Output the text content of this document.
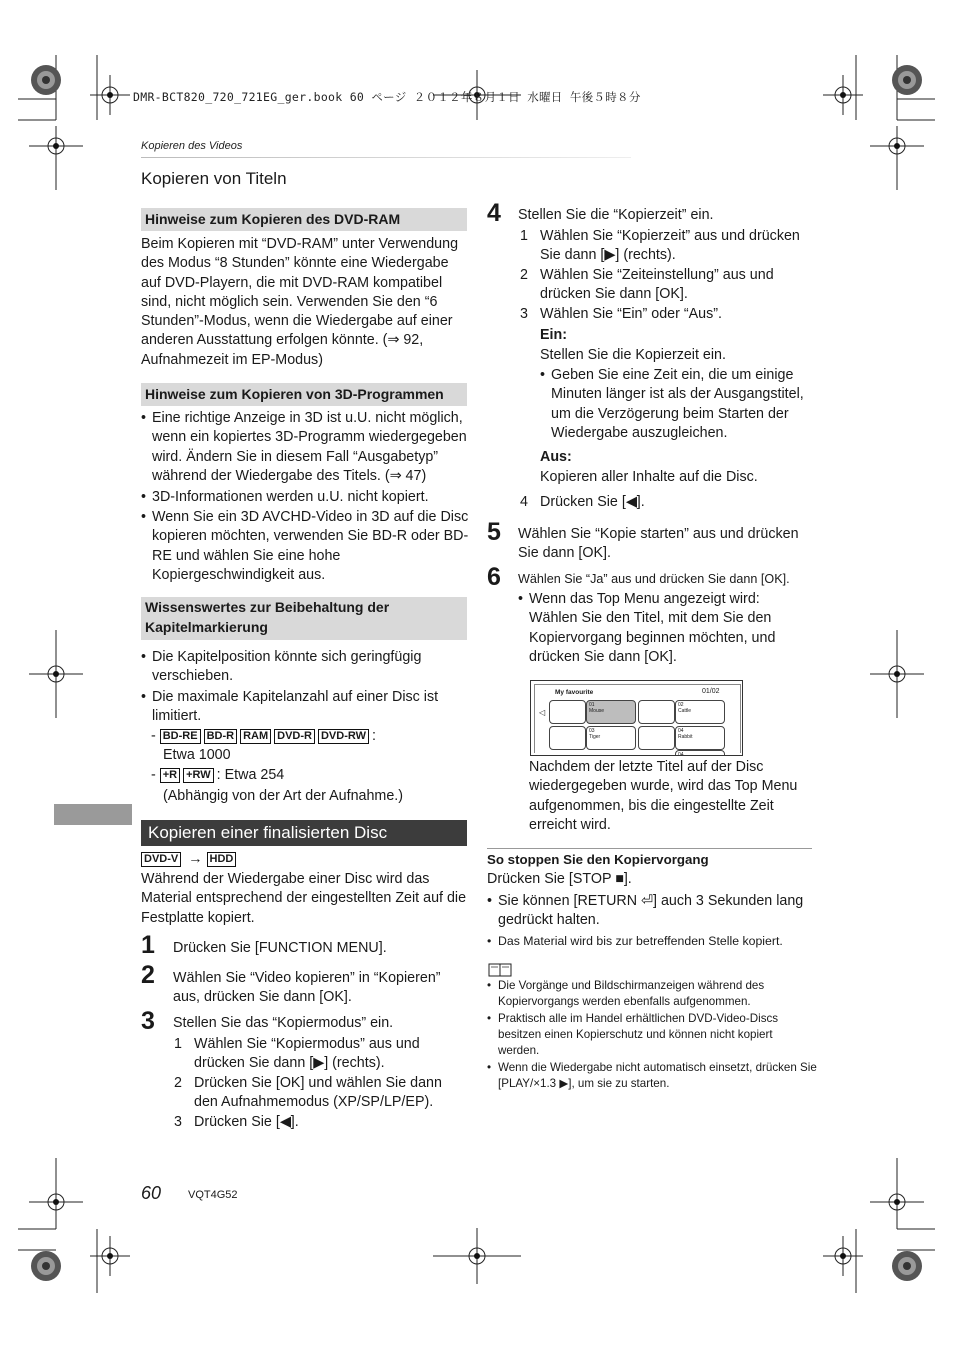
DMR-BCT820_720_721EG_ger.book 60 ページ ２０１２年８月１日 水曜日 午後５時８分
Kopieren des Videos
Kopieren von Titeln
Hinweise zum Kopieren des DVD-RAM
Beim Kopieren mit “DVD-RAM” unter Verwendung des Modus “8 Stunden” könnte eine Wiedergabe auf DVD-Playern, die mit DVD-RAM kompatibel sind, nicht möglich sein. Verwenden Sie den “6 Stunden”-Modus, wenn die Wiedergabe auf einer anderen Ausstattung erfolgen könnte. (⇒ 92, Aufnahmezeit im EP-Modus)
Hinweise zum Kopieren von 3D-Programmen
• Eine richtige Anzeige in 3D ist u.U. nicht möglich, wenn ein kopiertes 3D-Programm wiedergegeben wird. Ändern Sie in diesem Fall “Ausgabetyp” während der Wiedergabe des Titels. (⇒ 47)
• 3D-Informationen werden u.U. nicht kopiert.
• Wenn Sie ein 3D AVCHD-Video in 3D auf die Disc kopieren möchten, verwenden Sie BD-R oder BD-RE und wählen Sie eine hohe Kopiergeschwindigkeit aus.
Wissenswertes zur Beibehaltung der Kapitelmarkierung
• Die Kapitelposition könnte sich geringfügig verschieben.
• Die maximale Kapitelanzahl auf einer Disc ist limitiert.
- BD-RE BD-R RAM DVD-R DVD-RW :
Etwa 1000
- +R +RW : Etwa 254
(Abhängig von der Art der Aufnahme.)
Kopieren einer finalisierten Disc
DVD-V → HDD
Während der Wiedergabe einer Disc wird das Material entsprechend der eingestellten Zeit auf die Festplatte kopiert.
1 Drücken Sie [FUNCTION MENU].
2 Wählen Sie “Video kopieren” in “Kopieren” aus, drücken Sie dann [OK].
3 Stellen Sie das “Kopiermodus” ein.
1 Wählen Sie “Kopiermodus” aus und drücken Sie dann [▶] (rechts).
2 Drücken Sie [OK] und wählen Sie dann den Aufnahmemodus (XP/SP/LP/EP).
3 Drücken Sie [◀].
4 Stellen Sie die “Kopierzeit” ein.
1 Wählen Sie “Kopierzeit” aus und drücken Sie dann [▶] (rechts).
2 Wählen Sie “Zeiteinstellung” aus und drücken Sie dann [OK].
3 Wählen Sie “Ein” oder “Aus”.
Ein:
Stellen Sie die Kopierzeit ein.
• Geben Sie eine Zeit ein, die um einige Minuten länger ist als der Ausgangstitel, um die Verzögerung beim Starten der Wiedergabe auszugleichen.
Aus:
Kopieren aller Inhalte auf die Disc.
4 Drücken Sie [◀].
5 Wählen Sie “Kopie starten” aus und drücken Sie dann [OK].
6 Wählen Sie “Ja” aus und drücken Sie dann [OK].
• Wenn das Top Menu angezeigt wird: Wählen Sie den Titel, mit dem Sie den Kopiervorgang beginnen möchten, und drücken Sie dann [OK].
My favourite	01/02
◁
01
Mouse
02
Cattle
03
Tiger
04
Rabbit
04
Nachdem der letzte Titel auf der Disc wiedergegeben wurde, wird das Top Menu aufgenommen, bis die eingestellte Zeit erreicht wird.
So stoppen Sie den Kopiervorgang
Drücken Sie [STOP ■].
• Sie können [RETURN ⏎] auch 3 Sekunden lang gedrückt halten.
• Das Material wird bis zur betreffenden Stelle kopiert.
• Die Vorgänge und Bildschirmanzeigen während des Kopiervorgangs werden ebenfalls aufgenommen.
• Praktisch alle im Handel erhältlichen DVD-Video-Discs besitzen einen Kopierschutz und können nicht kopiert werden.
• Wenn die Wiedergabe nicht automatisch einsetzt, drücken Sie [PLAY/×1.3 ▶], um sie zu starten.
60 VQT4G52
